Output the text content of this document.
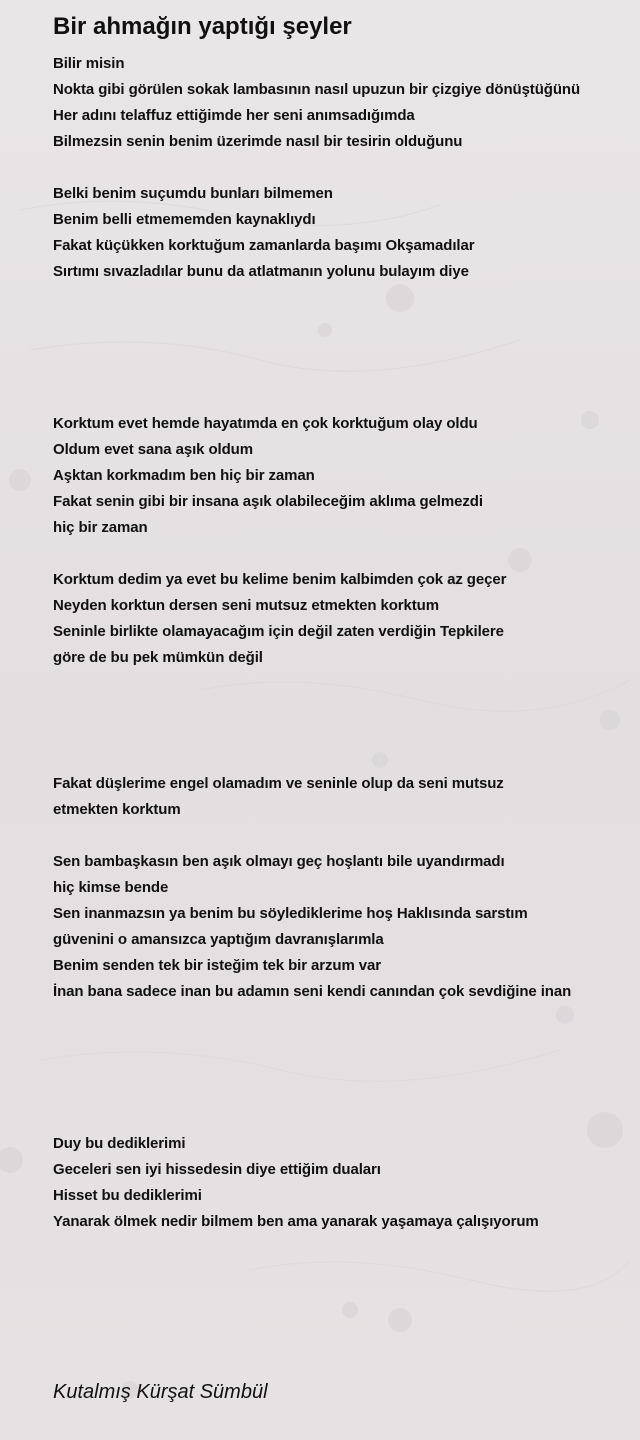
Bir ahmağın yaptığı şeyler
Bilir misin
Nokta gibi görülen sokak lambasının nasıl upuzun bir çizgiye dönüştüğünü
Her adını telaffuz ettiğimde her seni anımsadığımda
Bilmezsin senin benim üzerimde nasıl bir tesirin olduğunu
Belki benim suçumdu bunları bilmemen
Benim belli etmememden kaynaklıydı
Fakat küçükken korktuğum zamanlarda başımı Okşamadılar
Sırtımı sıvazladılar bunu da atlatmanın yolunu bulayım diye
Korktum evet hemde hayatımda en çok korktuğum olay oldu
Oldum evet sana aşık oldum
Aşktan korkmadım ben hiç bir zaman
Fakat senin gibi bir insana aşık olabileceğim aklıma gelmezdi
hiç bir zaman
Korktum dedim ya evet bu kelime benim kalbimden çok az geçer
Neyden korktun dersen seni mutsuz etmekten korktum
Seninle birlikte olamayacağım için değil zaten verdiğin Tepkilere
göre de bu pek mümkün değil
Fakat düşlerime engel olamadım ve seninle olup da seni mutsuz
etmekten korktum
Sen bambaşkasın ben aşık olmayı geç hoşlantı bile uyandırmadı
hiç kimse bende
Sen inanmazsın ya benim bu söylediklerime hoş Haklısında sarstım
güvenini o amansızca yaptığım davranışlarımla
Benim senden tek bir isteğim tek bir arzum var
İnan bana sadece inan bu adamın seni kendi canından çok sevdiğine inan
Duy bu dediklerimi
Geceleri sen iyi hissedesin diye ettiğim duaları
Hisset bu dediklerimi
Yanarak ölmek nedir bilmem ben ama yanarak yaşamaya çalışıyorum

Kutalmış Kürşat Sümbül
